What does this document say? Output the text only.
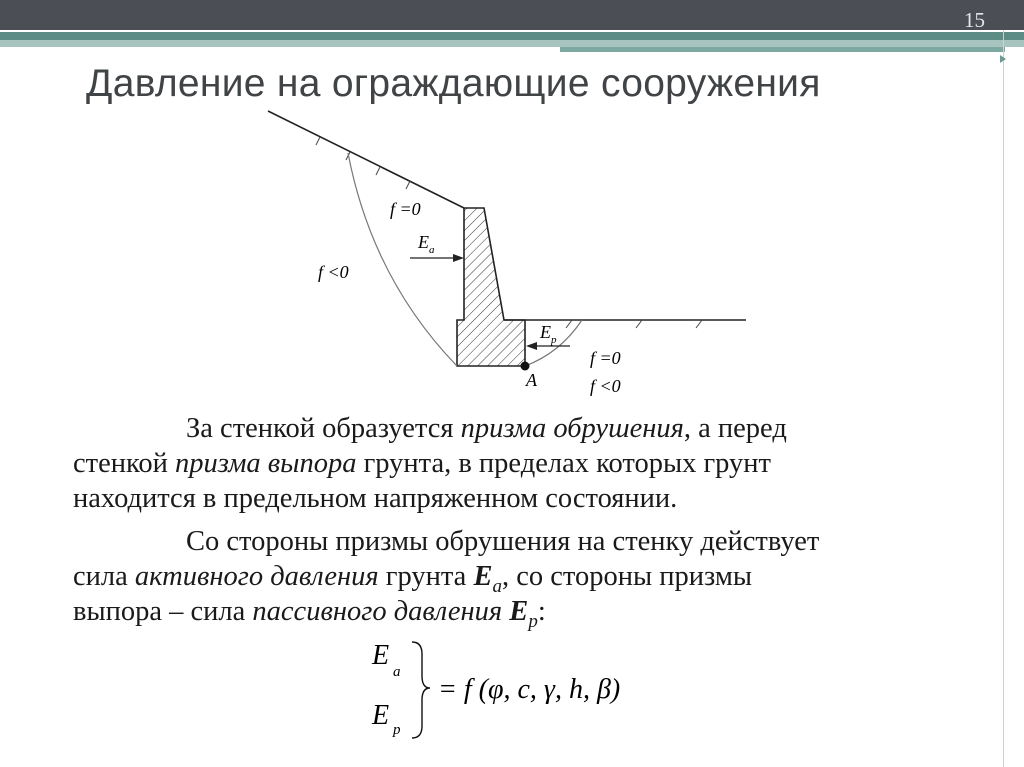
15
Давление на ограждающие сооружения
f =0
E a
f <0
E p
f =0
f <0
A
За стенкой образуется призма обрушения, а перед
стенкой призма выпора грунта, в пределах которых грунт
находится в предельном напряженном состоянии.
Со стороны призмы обрушения на стенку действует
сила активного давления грунта $E_a$, со стороны призмы
выпора – сила пассивного давления $E_p$:
E
a
E p
= f (φ, c, γ, h, β)
